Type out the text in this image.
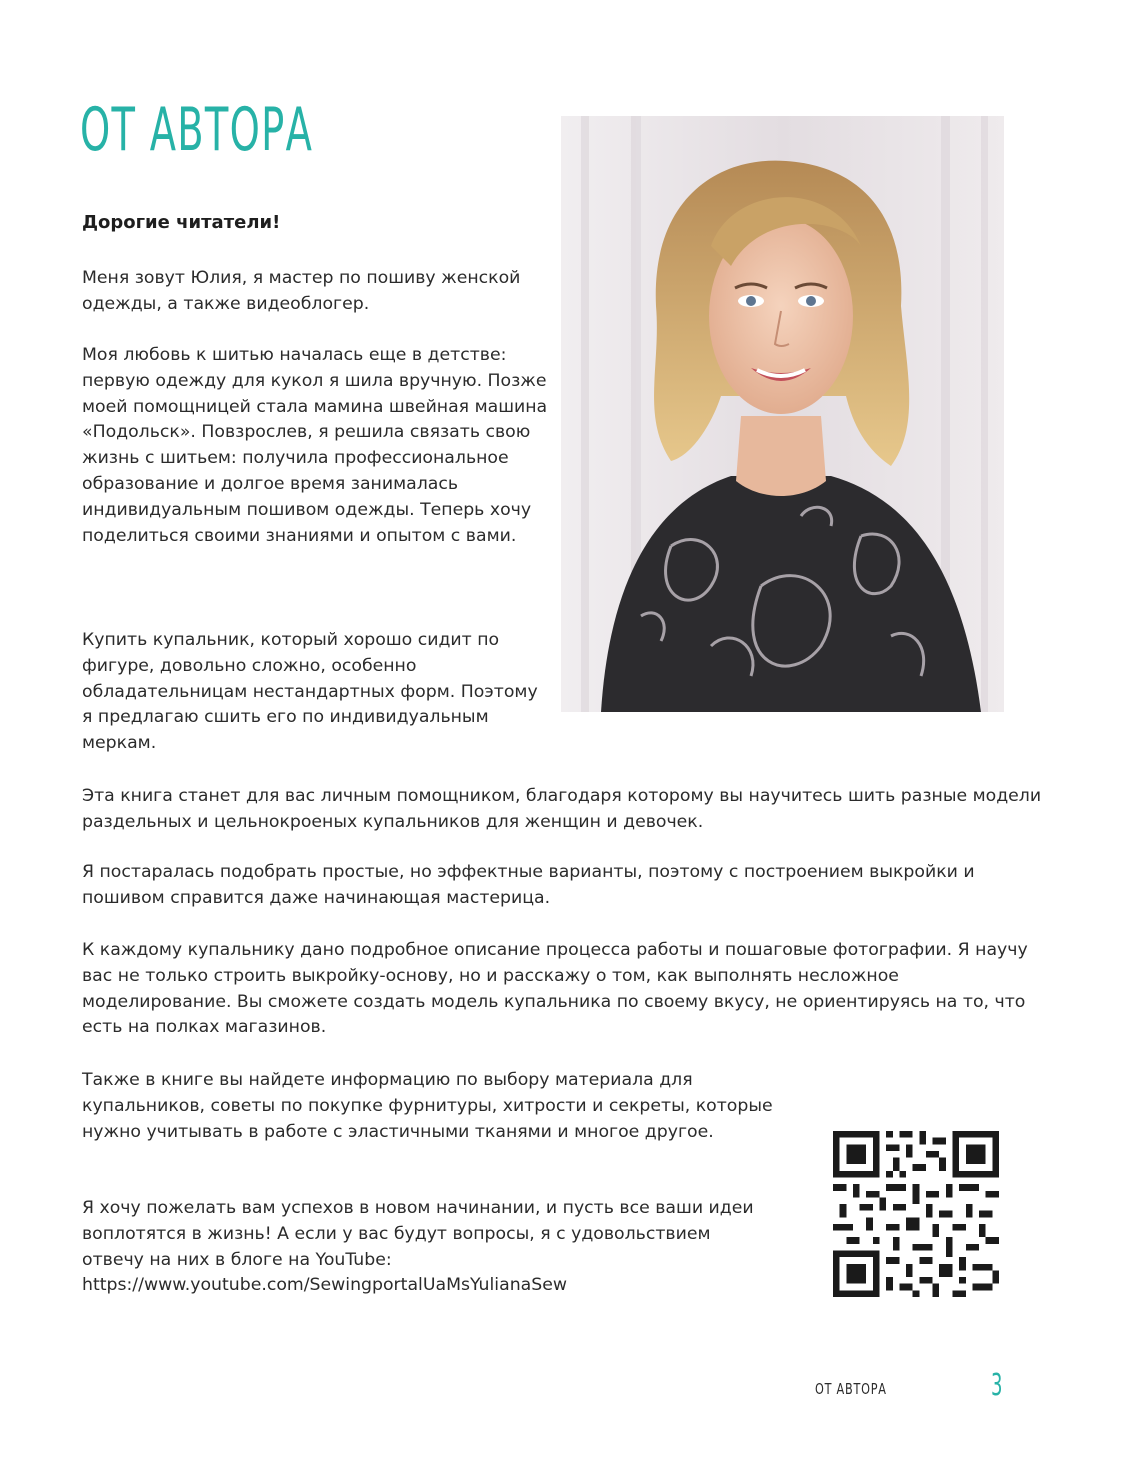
ОТ АВТОРА

Дорогие читатели!

Меня зовут Юлия, я мастер по пошиву женской одежды, а также видеоблогер.

Моя любовь к шитью началась еще в детстве: первую одежду для кукол я шила вручную. Позже моей помощницей стала мамина швейная машина «Подольск». Повзрослев, я решила связать свою жизнь с шитьем: получила профессиональное образование и долгое время занималась индивидуальным пошивом одежды. Теперь хочу поделиться своими знаниями и опытом с вами.

Купить купальник, который хорошо сидит по фигуре, довольно сложно, особенно обладательницам нестандартных форм. Поэтому я предлагаю сшить его по индивидуальным меркам.

Эта книга станет для вас личным помощником, благодаря которому вы научитесь шить разные модели раздельных и цельнокроеных купальников для женщин и девочек.

Я постаралась подобрать простые, но эффектные варианты, поэтому с построением выкройки и пошивом справится даже начинающая мастерица.

К каждому купальнику дано подробное описание процесса работы и пошаговые фотографии. Я научу вас не только строить выкройку-основу, но и расскажу о том, как выполнять несложное моделирование. Вы сможете создать модель купальника по своему вкусу, не ориентируясь на то, что есть на полках магазинов.

Также в книге вы найдете информацию по выбору материала для купальников, советы по покупке фурнитуры, хитрости и секреты, которые нужно учитывать в работе с эластичными тканями и многое другое.

Я хочу пожелать вам успехов в новом начинании, и пусть все ваши идеи воплотятся в жизнь! А если у вас будут вопросы, я с удовольствием отвечу на них в блоге на YouTube: https://www.youtube.com/SewingportalUaMsYulianaSew

ОТ АВТОРА	3
